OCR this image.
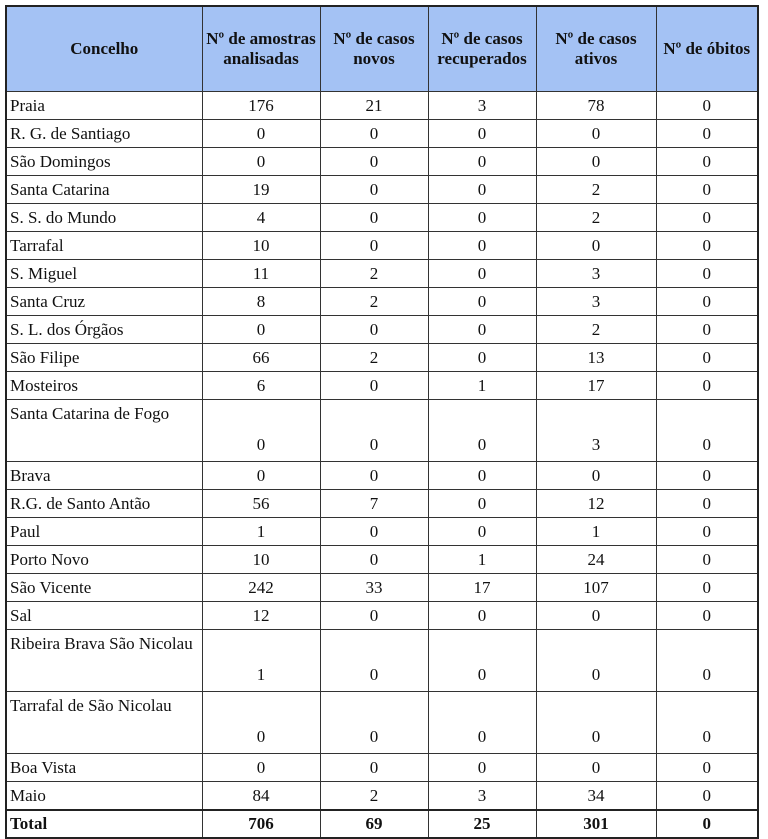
Concelho	Nº de amostras analisadas	Nº de casos novos	Nº de casos recuperados	Nº de casos ativos	Nº de óbitos
Praia	176	21	3	78	0
R. G. de Santiago	0	0	0	0	0
São Domingos	0	0	0	0	0
Santa Catarina	19	0	0	2	0
S. S. do Mundo	4	0	0	2	0
Tarrafal	10	0	0	0	0
S. Miguel	11	2	0	3	0
Santa Cruz	8	2	0	3	0
S. L. dos Órgãos	0	0	0	2	0
São Filipe	66	2	0	13	0
Mosteiros	6	0	1	17	0
Santa Catarina de Fogo	0	0	0	3	0
Brava	0	0	0	0	0
R.G. de Santo Antão	56	7	0	12	0
Paul	1	0	0	1	0
Porto Novo	10	0	1	24	0
São Vicente	242	33	17	107	0
Sal	12	0	0	0	0
Ribeira Brava São Nicolau	1	0	0	0	0
Tarrafal de São Nicolau	0	0	0	0	0
Boa Vista	0	0	0	0	0
Maio	84	2	3	34	0
Total	706	69	25	301	0
